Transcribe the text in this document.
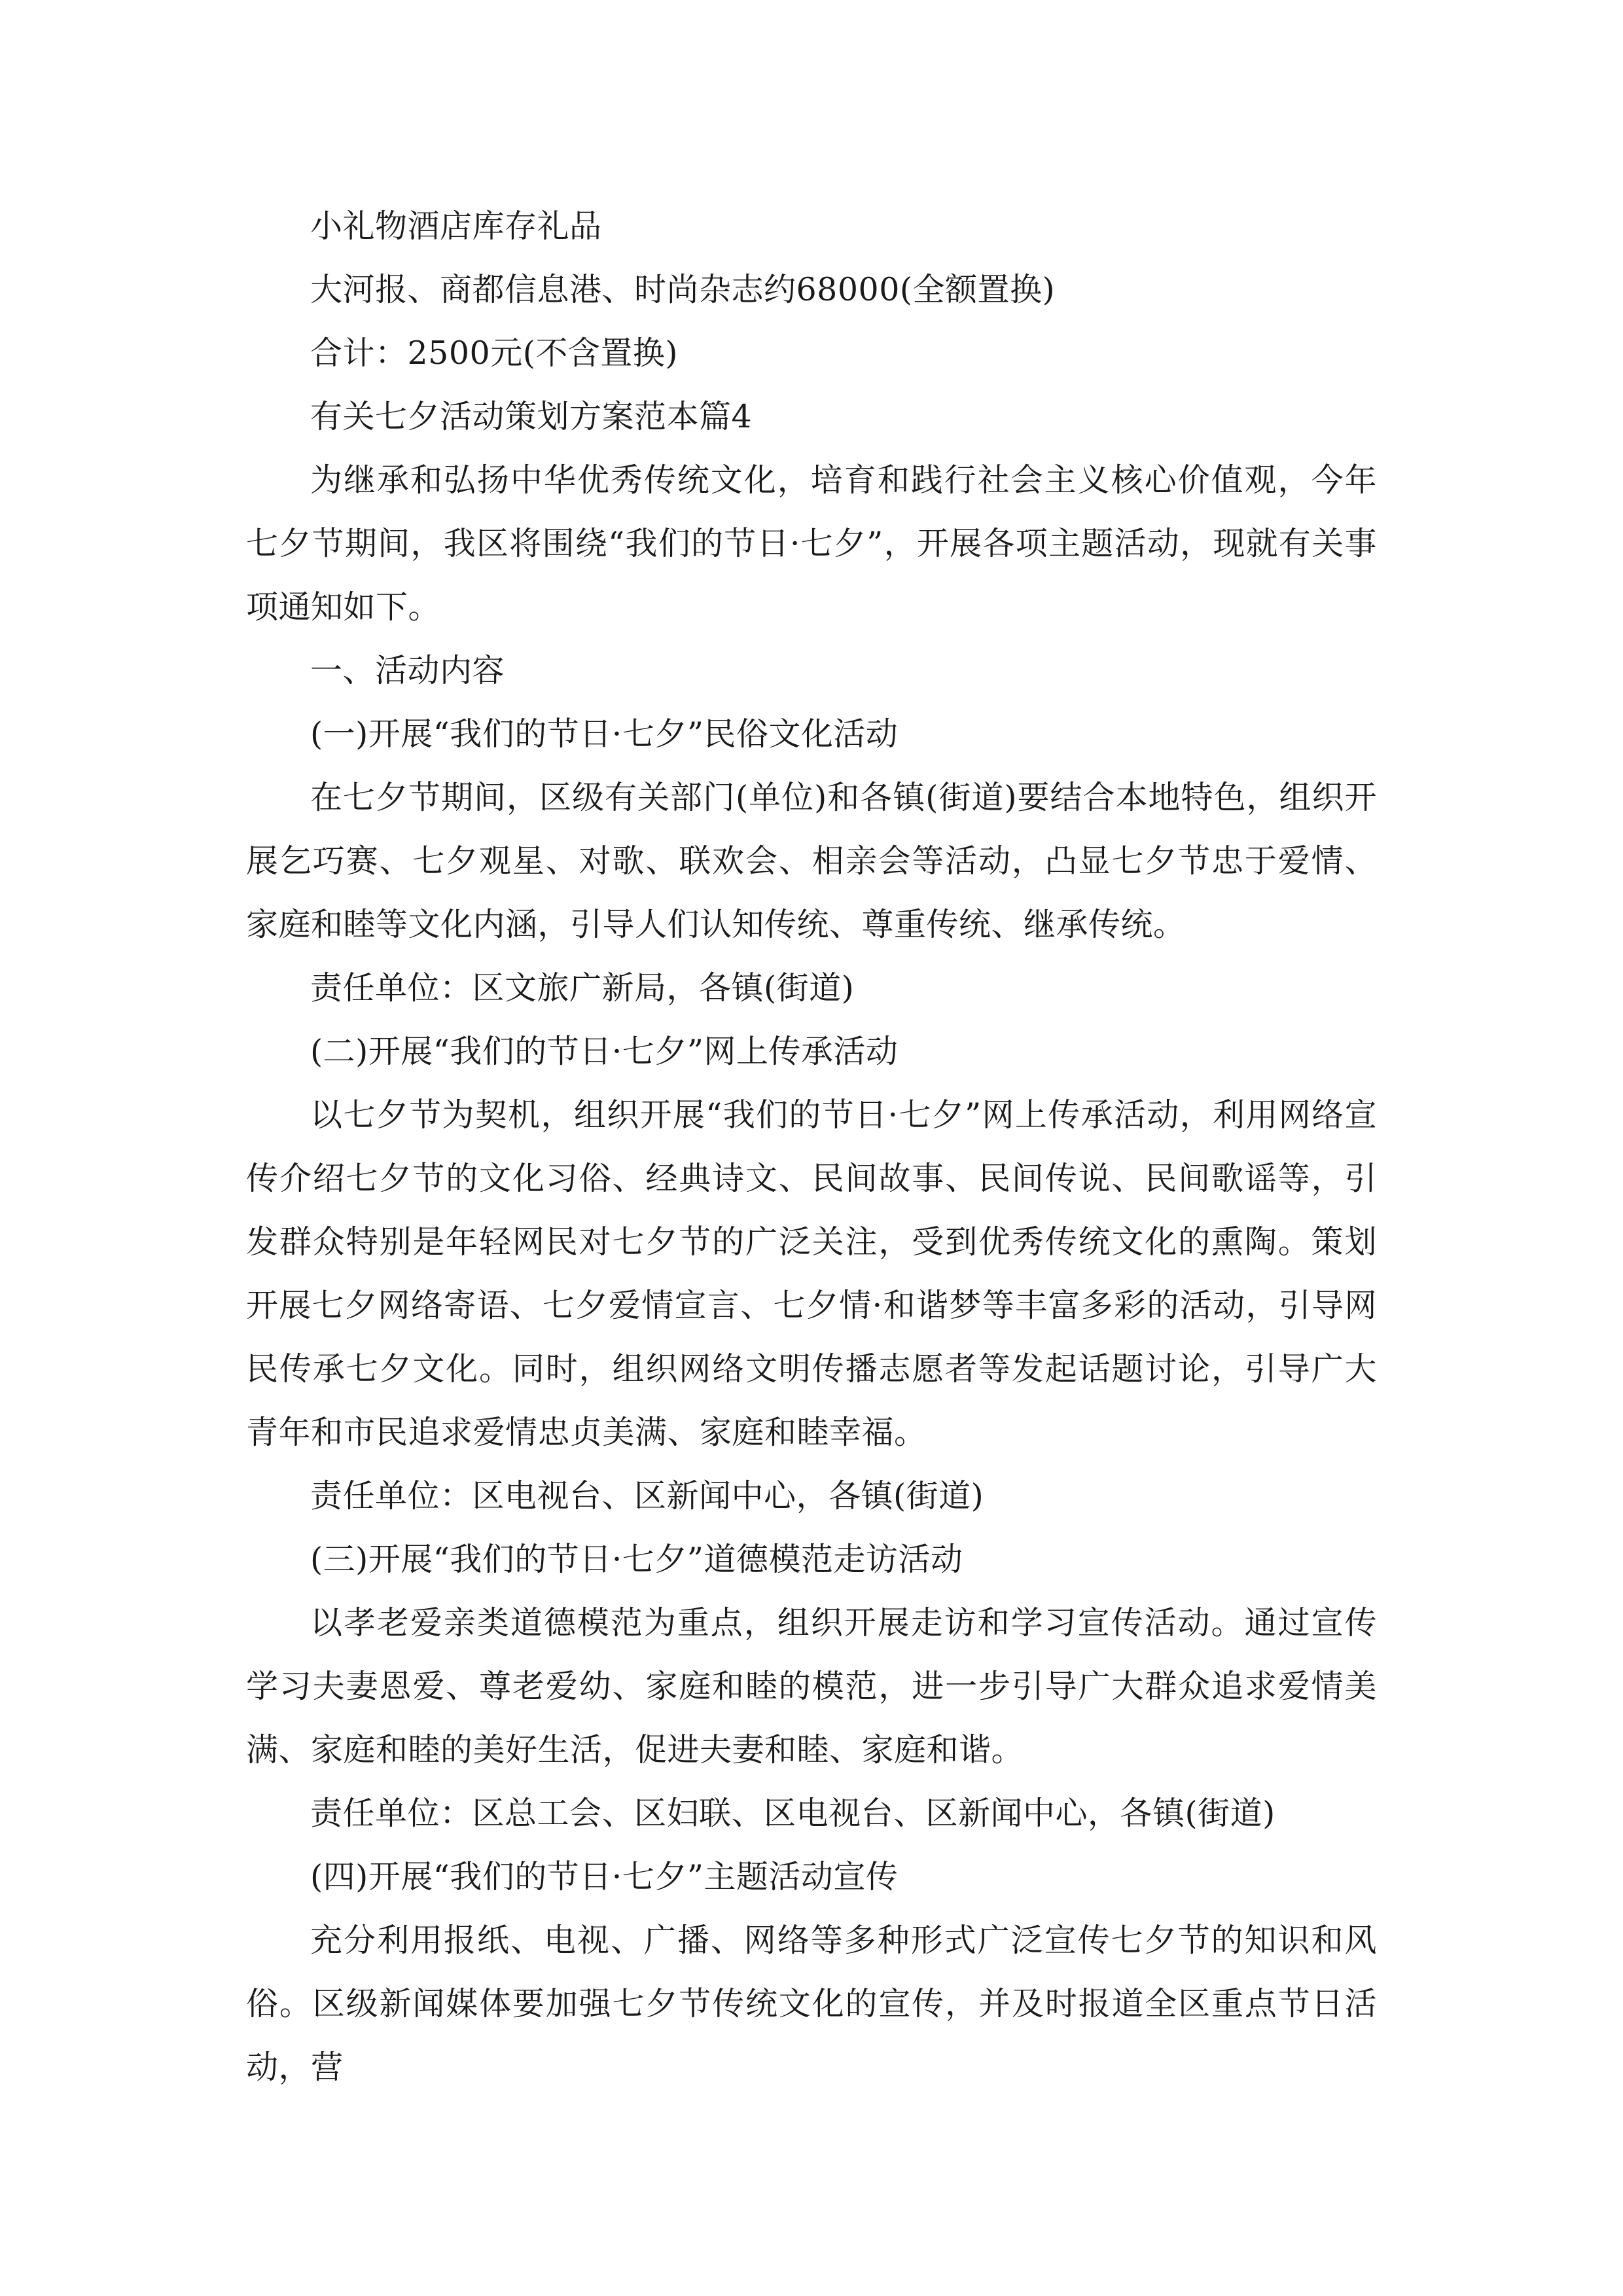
小礼物酒店库存礼品

大河报、商都信息港、时尚杂志约68000(全额置换)

合计：2500元(不含置换)

有关七夕活动策划方案范本篇4

为继承和弘扬中华优秀传统文化，培育和践行社会主义核心价值观，今年七夕节期间，我区将围绕“我们的节日·七夕”，开展各项主题活动，现就有关事项通知如下。

一、活动内容

(一)开展“我们的节日·七夕”民俗文化活动

在七夕节期间，区级有关部门(单位)和各镇(街道)要结合本地特色，组织开展乞巧赛、七夕观星、对歌、联欢会、相亲会等活动，凸显七夕节忠于爱情、家庭和睦等文化内涵，引导人们认知传统、尊重传统、继承传统。

责任单位：区文旅广新局，各镇(街道)

(二)开展“我们的节日·七夕”网上传承活动

以七夕节为契机，组织开展“我们的节日·七夕”网上传承活动，利用网络宣传介绍七夕节的文化习俗、经典诗文、民间故事、民间传说、民间歌谣等，引发群众特别是年轻网民对七夕节的广泛关注，受到优秀传统文化的熏陶。策划开展七夕网络寄语、七夕爱情宣言、七夕情·和谐梦等丰富多彩的活动，引导网民传承七夕文化。同时，组织网络文明传播志愿者等发起话题讨论，引导广大青年和市民追求爱情忠贞美满、家庭和睦幸福。

责任单位：区电视台、区新闻中心，各镇(街道)

(三)开展“我们的节日·七夕”道德模范走访活动

以孝老爱亲类道德模范为重点，组织开展走访和学习宣传活动。通过宣传学习夫妻恩爱、尊老爱幼、家庭和睦的模范，进一步引导广大群众追求爱情美满、家庭和睦的美好生活，促进夫妻和睦、家庭和谐。

责任单位：区总工会、区妇联、区电视台、区新闻中心，各镇(街道)

(四)开展“我们的节日·七夕”主题活动宣传

充分利用报纸、电视、广播、网络等多种形式广泛宣传七夕节的知识和风俗。区级新闻媒体要加强七夕节传统文化的宣传，并及时报道全区重点节日活动，营
